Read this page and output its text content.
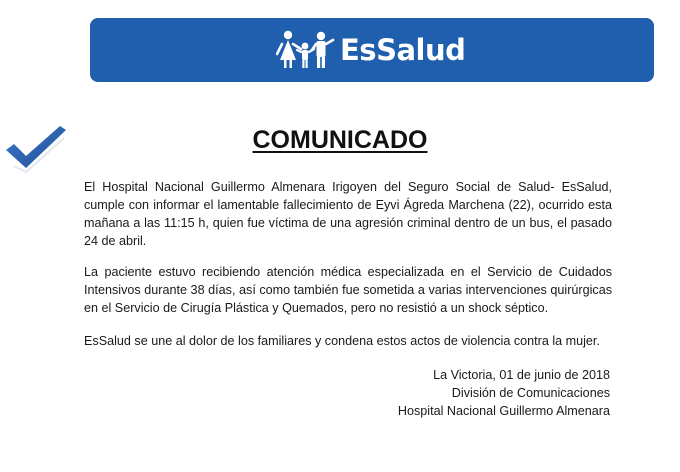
EsSalud
COMUNICADO
El Hospital Nacional Guillermo Almenara Irigoyen del Seguro Social de Salud- EsSalud, cumple con informar el lamentable fallecimiento de Eyvi Ágreda Marchena (22), ocurrido esta mañana a las 11:15 h, quien fue víctima de una agresión criminal dentro de un bus, el pasado 24 de abril.
La paciente estuvo recibiendo atención médica especializada en el Servicio de Cuidados Intensivos durante 38 días, así como también fue sometida a varias intervenciones quirúrgicas en el Servicio de Cirugía Plástica y Quemados, pero no resistió a un shock séptico.
EsSalud se une al dolor de los familiares y condena estos actos de violencia contra la mujer.
La Victoria, 01 de junio de 2018
División de Comunicaciones
Hospital Nacional Guillermo Almenara
